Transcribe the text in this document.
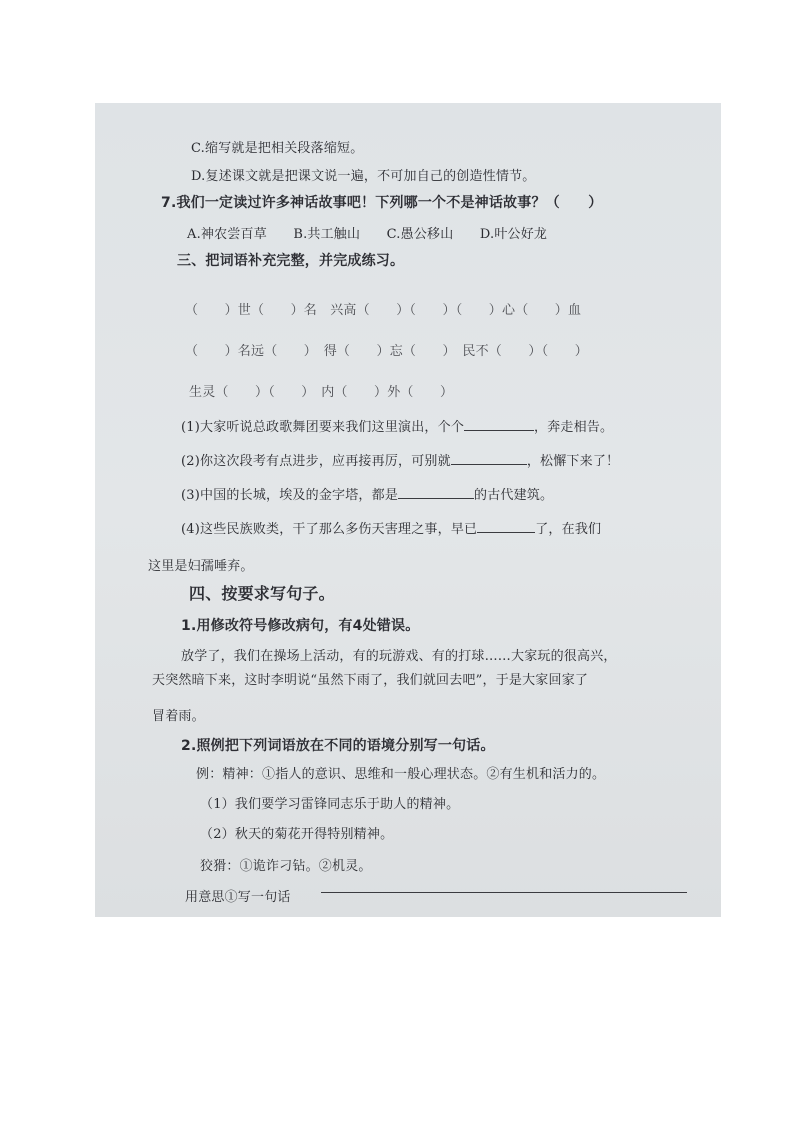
C.缩写就是把相关段落缩短。
D.复述课文就是把课文说一遍，不可加自己的创造性情节。
7.我们一定读过许多神话故事吧！下列哪一个不是神话故事？（　　）
A.神农尝百草　　B.共工触山　　C.愚公移山　　D.叶公好龙
三、把词语补充完整，并完成练习。
（　　）世（　　）名　兴高（　　）（　　）（　　）心（　　）血
（　　）名远（　　）　得（　　）忘（　　）　民不（　　）（　　）
生灵（　　）（　　）　内（　　）外（　　）
(1)大家听说总政歌舞团要来我们这里演出，个个	，奔走相告。
(2)你这次段考有点进步，应再接再厉，可别就	，松懈下来了！
(3)中国的长城，埃及的金字塔，都是	的古代建筑。
(4)这些民族败类，干了那么多伤天害理之事，早已	了，在我们
这里是妇孺唾弃。
四、按要求写句子。
1.用修改符号修改病句，有4处错误。
放学了，我们在操场上活动，有的玩游戏、有的打球……大家玩的很高兴，
天突然暗下来，这时李明说“虽然下雨了，我们就回去吧”，于是大家回家了
冒着雨。
2.照例把下列词语放在不同的语境分别写一句话。
例：精神：①指人的意识、思维和一般心理状态。②有生机和活力的。
（1）我们要学习雷锋同志乐于助人的精神。
（2）秋天的菊花开得特别精神。
狡猾：①诡诈刁钻。②机灵。
用意思①写一句话
